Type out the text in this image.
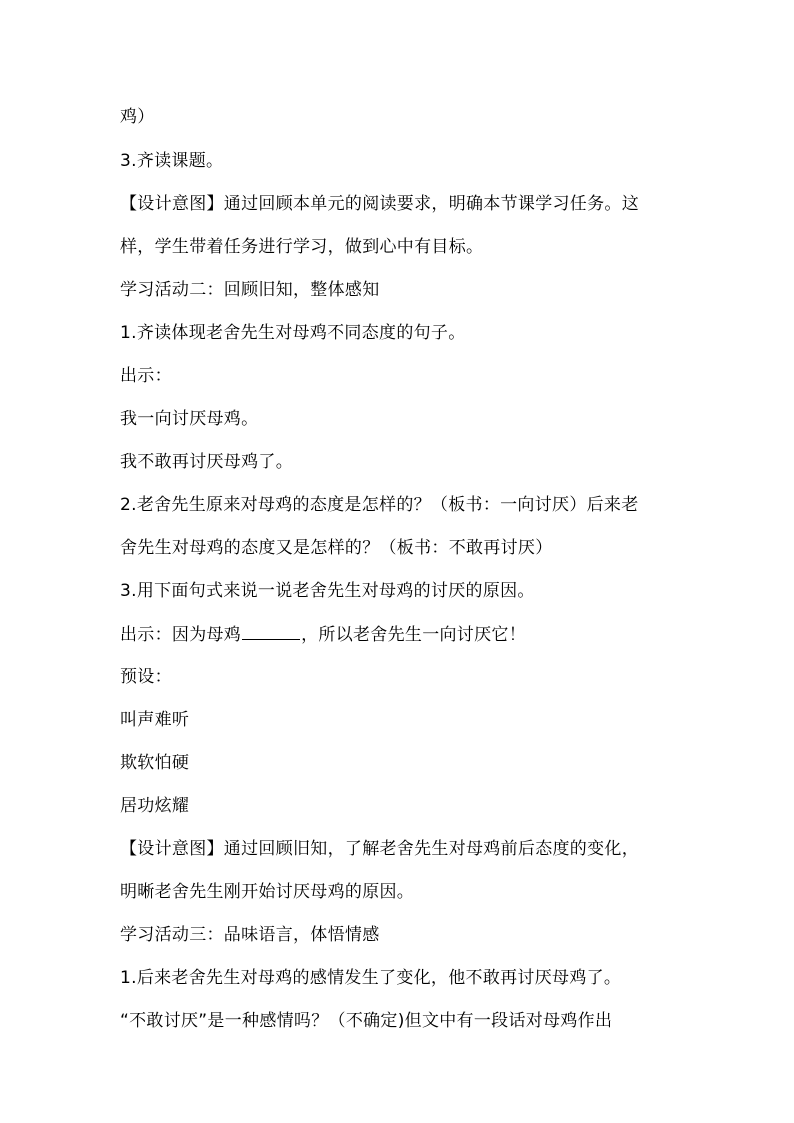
鸡）
3.齐读课题。
【设计意图】通过回顾本单元的阅读要求，明确本节课学习任务。这
样，学生带着任务进行学习，做到心中有目标。
学习活动二：回顾旧知，整体感知
1.齐读体现老舍先生对母鸡不同态度的句子。
出示：
我一向讨厌母鸡。
我不敢再讨厌母鸡了。
2.老舍先生原来对母鸡的态度是怎样的？（板书：一向讨厌）后来老
舍先生对母鸡的态度又是怎样的？（板书：不敢再讨厌）
3.用下面句式来说一说老舍先生对母鸡的讨厌的原因。
出示：因为母鸡	，所以老舍先生一向讨厌它！
预设：
叫声难听
欺软怕硬
居功炫耀
【设计意图】通过回顾旧知，了解老舍先生对母鸡前后态度的变化，
明晰老舍先生刚开始讨厌母鸡的原因。
学习活动三：品味语言，体悟情感
1.后来老舍先生对母鸡的感情发生了变化，他不敢再讨厌母鸡了。
“不敢讨厌”是一种感情吗？（不确定)但文中有一段话对母鸡作出
